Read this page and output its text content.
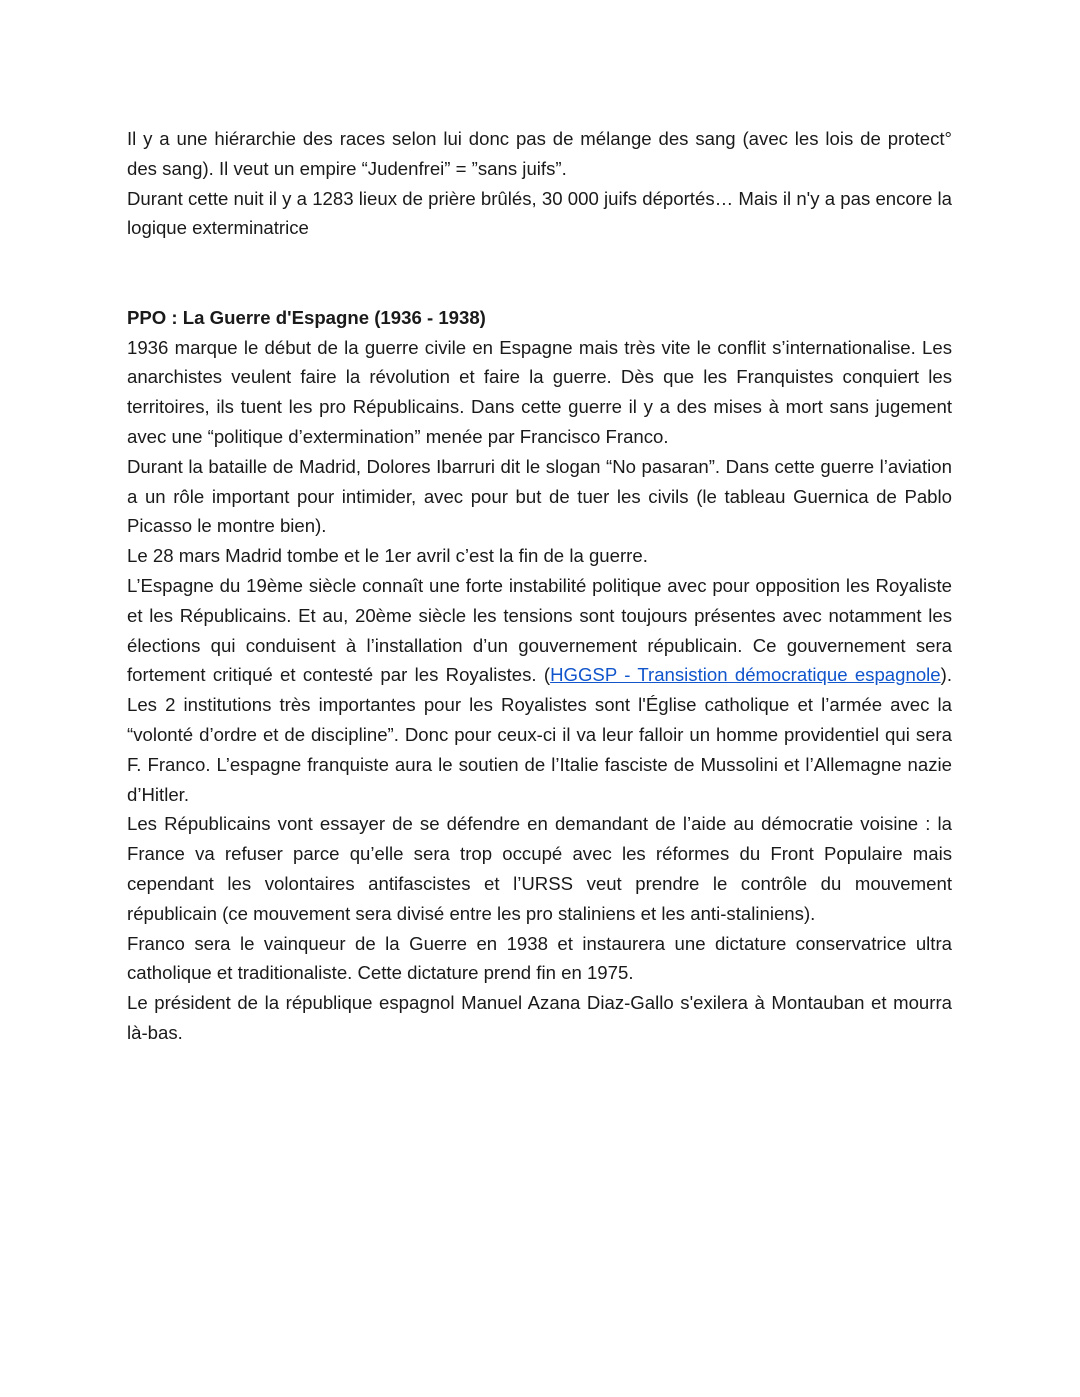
Il y a une hiérarchie des races selon lui donc pas de mélange des sang (avec les lois de protect° des sang). Il veut un empire “Judenfrei” = ”sans juifs”.

Durant cette nuit il y a 1283 lieux de prière brûlés, 30 000 juifs déportés… Mais il n'y a pas encore la logique exterminatrice

PPO : La Guerre d'Espagne (1936 - 1938)

1936 marque le début de la guerre civile en Espagne mais très vite le conflit s’internationalise. Les anarchistes veulent faire la révolution et faire la guerre. Dès que les Franquistes conquiert les territoires, ils tuent les pro Républicains. Dans cette guerre il y a des mises à mort sans jugement avec une “politique d’extermination” menée par Francisco Franco.

Durant la bataille de Madrid, Dolores Ibarruri dit le slogan “No pasaran”. Dans cette guerre l’aviation a un rôle important pour intimider, avec pour but de tuer les civils (le tableau Guernica de Pablo Picasso le montre bien).

Le 28 mars Madrid tombe et le 1er avril c’est la fin de la guerre.

L’Espagne du 19ème siècle connaît une forte instabilité politique avec pour opposition les Royaliste et les Républicains. Et au, 20ème siècle les tensions sont toujours présentes avec notamment les élections qui conduisent à l’installation d’un gouvernement républicain. Ce gouvernement sera fortement critiqué et contesté par les Royalistes. (HGGSP - Transistion démocratique espagnole). Les 2 institutions très importantes pour les Royalistes sont l'Église catholique et l’armée avec la “volonté d’ordre et de discipline”. Donc pour ceux-ci il va leur falloir un homme providentiel qui sera F. Franco. L’espagne franquiste aura le soutien de l’Italie fasciste de Mussolini et l’Allemagne nazie d’Hitler.

Les Républicains vont essayer de se défendre en demandant de l’aide au démocratie voisine : la France va refuser parce qu’elle sera trop occupé avec les réformes du Front Populaire mais cependant les volontaires antifascistes et l’URSS veut prendre le contrôle du mouvement républicain (ce mouvement sera divisé entre les pro staliniens et les anti-staliniens).

Franco sera le vainqueur de la Guerre en 1938 et instaurera une dictature conservatrice ultra catholique et traditionaliste. Cette dictature prend fin en 1975.

Le président de la république espagnol Manuel Azana Diaz-Gallo s'exilera à Montauban et mourra là-bas.
